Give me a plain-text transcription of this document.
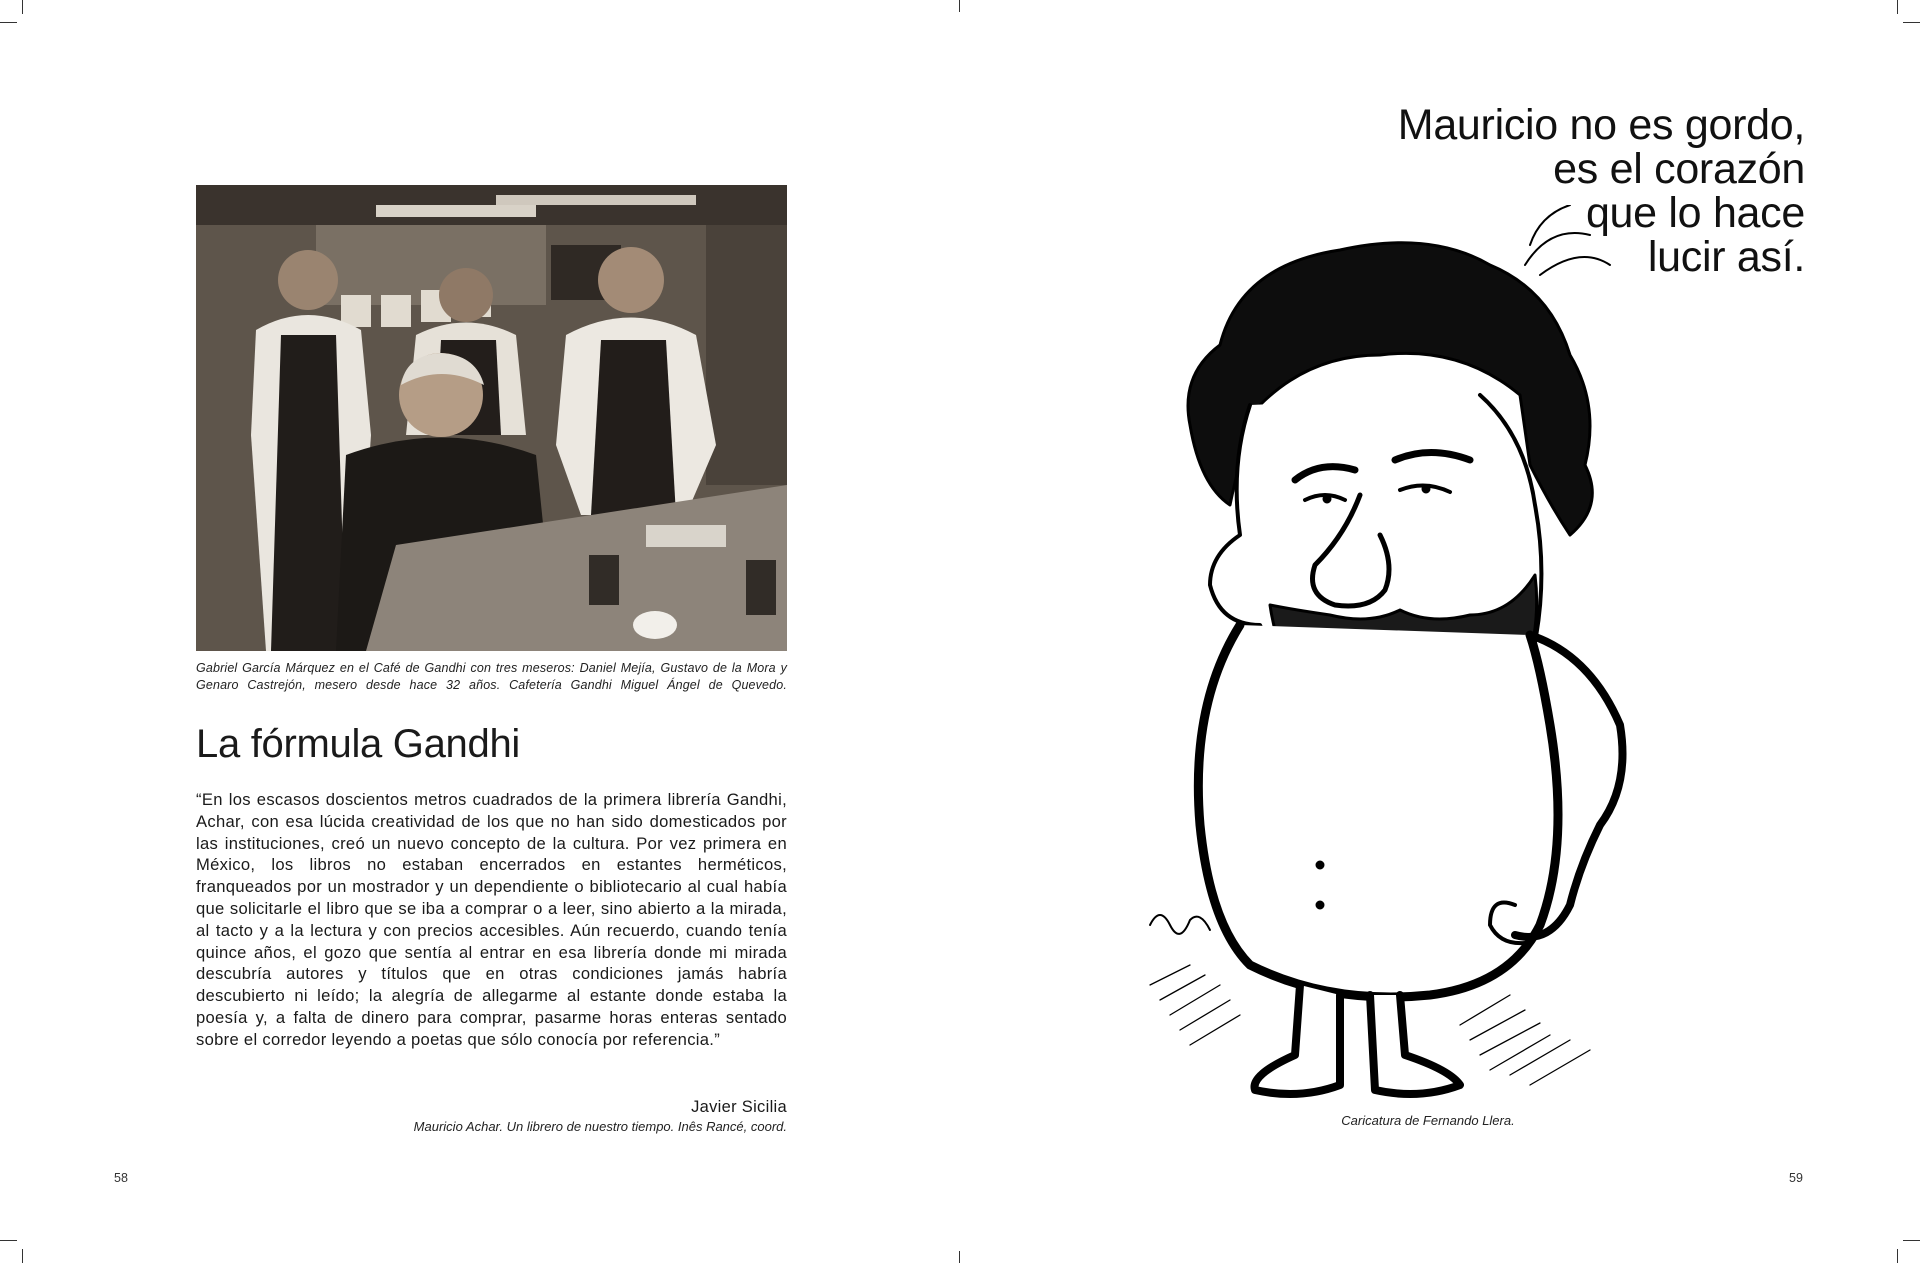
Gabriel García Márquez en el Café de Gandhi con tres meseros: Daniel Mejía, Gustavo de la Mora y Genaro Castrejón, mesero desde hace 32 años. Cafetería Gandhi Miguel Ángel de Quevedo.
La fórmula Gandhi
“En los escasos doscientos metros cuadrados de la primera librería Gandhi, Achar, con esa lúcida creatividad de los que no han sido domesticados por las instituciones, creó un nuevo concepto de la cultura. Por vez primera en México, los libros no estaban encerrados en estantes herméticos, franqueados por un mostrador y un dependiente o bibliotecario al cual había que solicitarle el libro que se iba a comprar o a leer, sino abierto a la mirada, al tacto y a la lectura y con precios accesibles. Aún recuerdo, cuando tenía quince años, el gozo que sentía al entrar en esa librería donde mi mirada descubría autores y títulos que en otras condiciones jamás habría descubierto ni leído; la alegría de allegarme al estante donde estaba la poesía y, a falta de dinero para comprar, pasarme horas enteras sentado sobre el corredor leyendo a poetas que sólo conocía por referencia.”
Javier Sicilia
Mauricio Achar. Un librero de nuestro tiempo. Inês Rancé, coord.
58
Mauricio no es gordo,
es el corazón
que lo hace
lucir así.
Caricatura de Fernando Llera.
59
